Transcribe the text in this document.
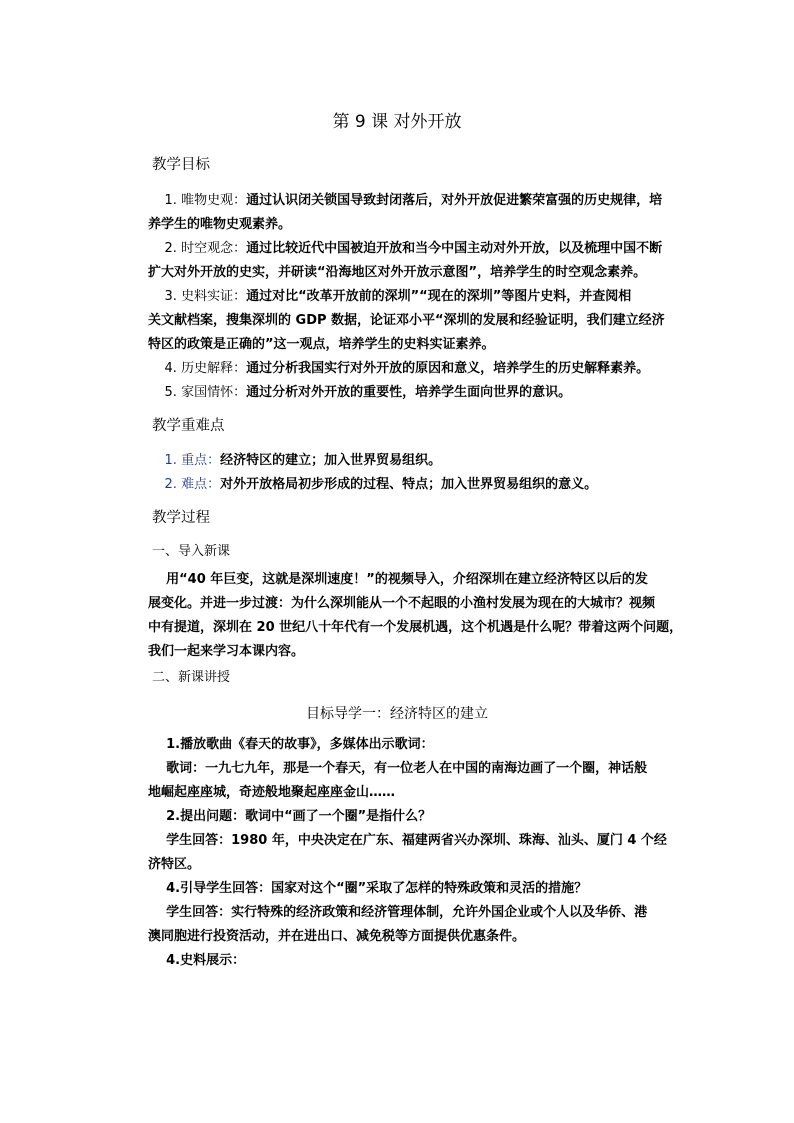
第 9 课 对外开放
教学目标
1. 唯物史观：通过认识闭关锁国导致封闭落后，对外开放促进繁荣富强的历史规律，培
养学生的唯物史观素养。
2. 时空观念：通过比较近代中国被迫开放和当今中国主动对外开放，以及梳理中国不断
扩大对外开放的史实，并研读“沿海地区对外开放示意图”，培养学生的时空观念素养。
3. 史料实证：通过对比“改革开放前的深圳”“现在的深圳”等图片史料，并查阅相
关文献档案，搜集深圳的 GDP 数据，论证邓小平“深圳的发展和经验证明，我们建立经济
特区的政策是正确的”这一观点，培养学生的史料实证素养。
4. 历史解释：通过分析我国实行对外开放的原因和意义，培养学生的历史解释素养。
5. 家国情怀：通过分析对外开放的重要性，培养学生面向世界的意识。
教学重难点
1. 重点：经济特区的建立；加入世界贸易组织。
2. 难点：对外开放格局初步形成的过程、特点；加入世界贸易组织的意义。
教学过程
一、导入新课
用“40 年巨变，这就是深圳速度！”的视频导入，介绍深圳在建立经济特区以后的发
展变化。并进一步过渡：为什么深圳能从一个不起眼的小渔村发展为现在的大城市？视频
中有提道，深圳在 20 世纪八十年代有一个发展机遇，这个机遇是什么呢？带着这两个问题，
我们一起来学习本课内容。
二、新课讲授
目标导学一：经济特区的建立
1.播放歌曲《春天的故事》，多媒体出示歌词：
歌词：一九七九年，那是一个春天，有一位老人在中国的南海边画了一个圈，神话般
地崛起座座城，奇迹般地聚起座座金山……
2.提出问题：歌词中“画了一个圈”是指什么？
学生回答：1980 年，中央决定在广东、福建两省兴办深圳、珠海、汕头、厦门 4 个经
济特区。
4.引导学生回答：国家对这个“圈”采取了怎样的特殊政策和灵活的措施？
学生回答：实行特殊的经济政策和经济管理体制，允许外国企业或个人以及华侨、港
澳同胞进行投资活动，并在进出口、减免税等方面提供优惠条件。
4.史料展示：
